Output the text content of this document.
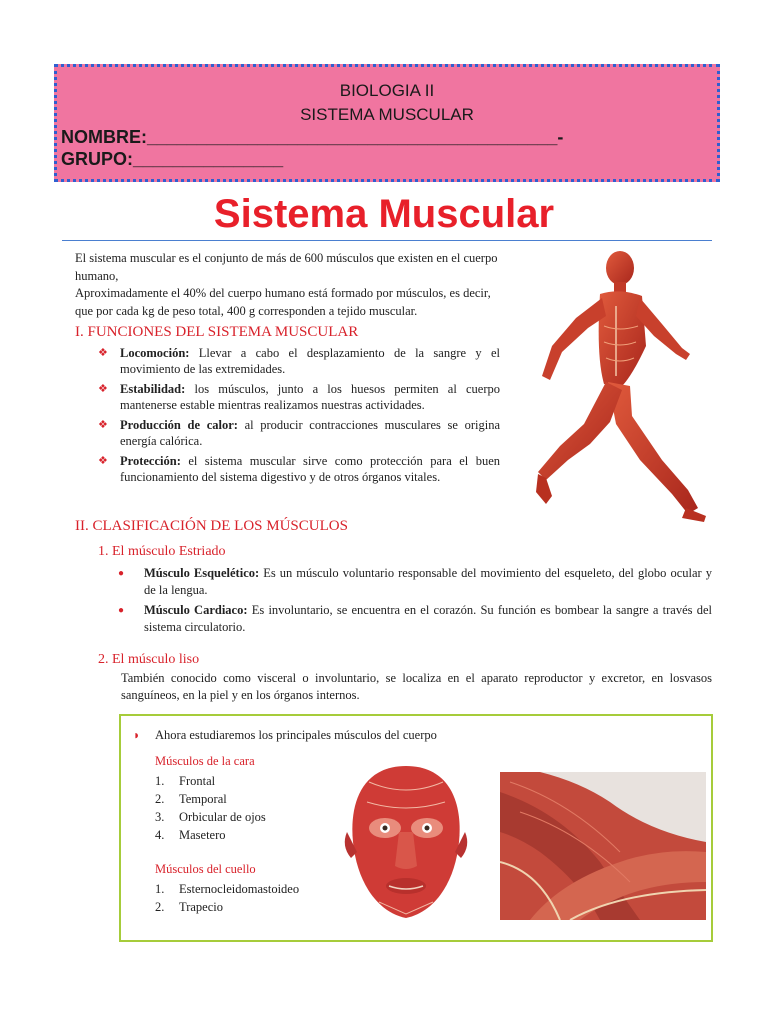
BIOLOGIA II
SISTEMA MUSCULAR
NOMBRE:_________________________________________-
GRUPO:_______________
Sistema Muscular

El sistema muscular es el conjunto de más de 600 músculos que existen en el cuerpo humano,

Aproximadamente el 40% del cuerpo humano está formado por músculos, es decir, que por cada kg de peso total, 400 g corresponden a tejido muscular.

I. FUNCIONES DEL SISTEMA MUSCULAR
❖ Locomoción: Llevar a cabo el desplazamiento de la sangre y el movimiento de las extremidades.
❖ Estabilidad: los músculos, junto a los huesos permiten al cuerpo mantenerse estable mientras realizamos nuestras actividades.
❖ Producción de calor: al producir contracciones musculares se origina energía calórica.
❖ Protección: el sistema muscular sirve como protección para el buen funcionamiento del sistema digestivo y de otros órganos vitales.
II. CLASIFICACIÓN DE LOS MÚSCULOS
1. El músculo Estriado
● Músculo Esquelético: Es un músculo voluntario responsable del movimiento del esqueleto, del globo ocular y de la lengua.
● Músculo Cardiaco: Es involuntario, se encuentra en el corazón. Su función es bombear la sangre a través del sistema circulatorio.
2. El músculo liso
También conocido como visceral o involuntario, se localiza en el aparato reproductor y excretor, en losvasos sanguíneos, en la piel y en los órganos internos.
◗ Ahora estudiaremos los principales músculos del cuerpo
Músculos de la cara
1. Frontal
2. Temporal
3. Orbicular de ojos
4. Masetero
Músculos del cuello
1. Esternocleidomastoideo
2. Trapecio
